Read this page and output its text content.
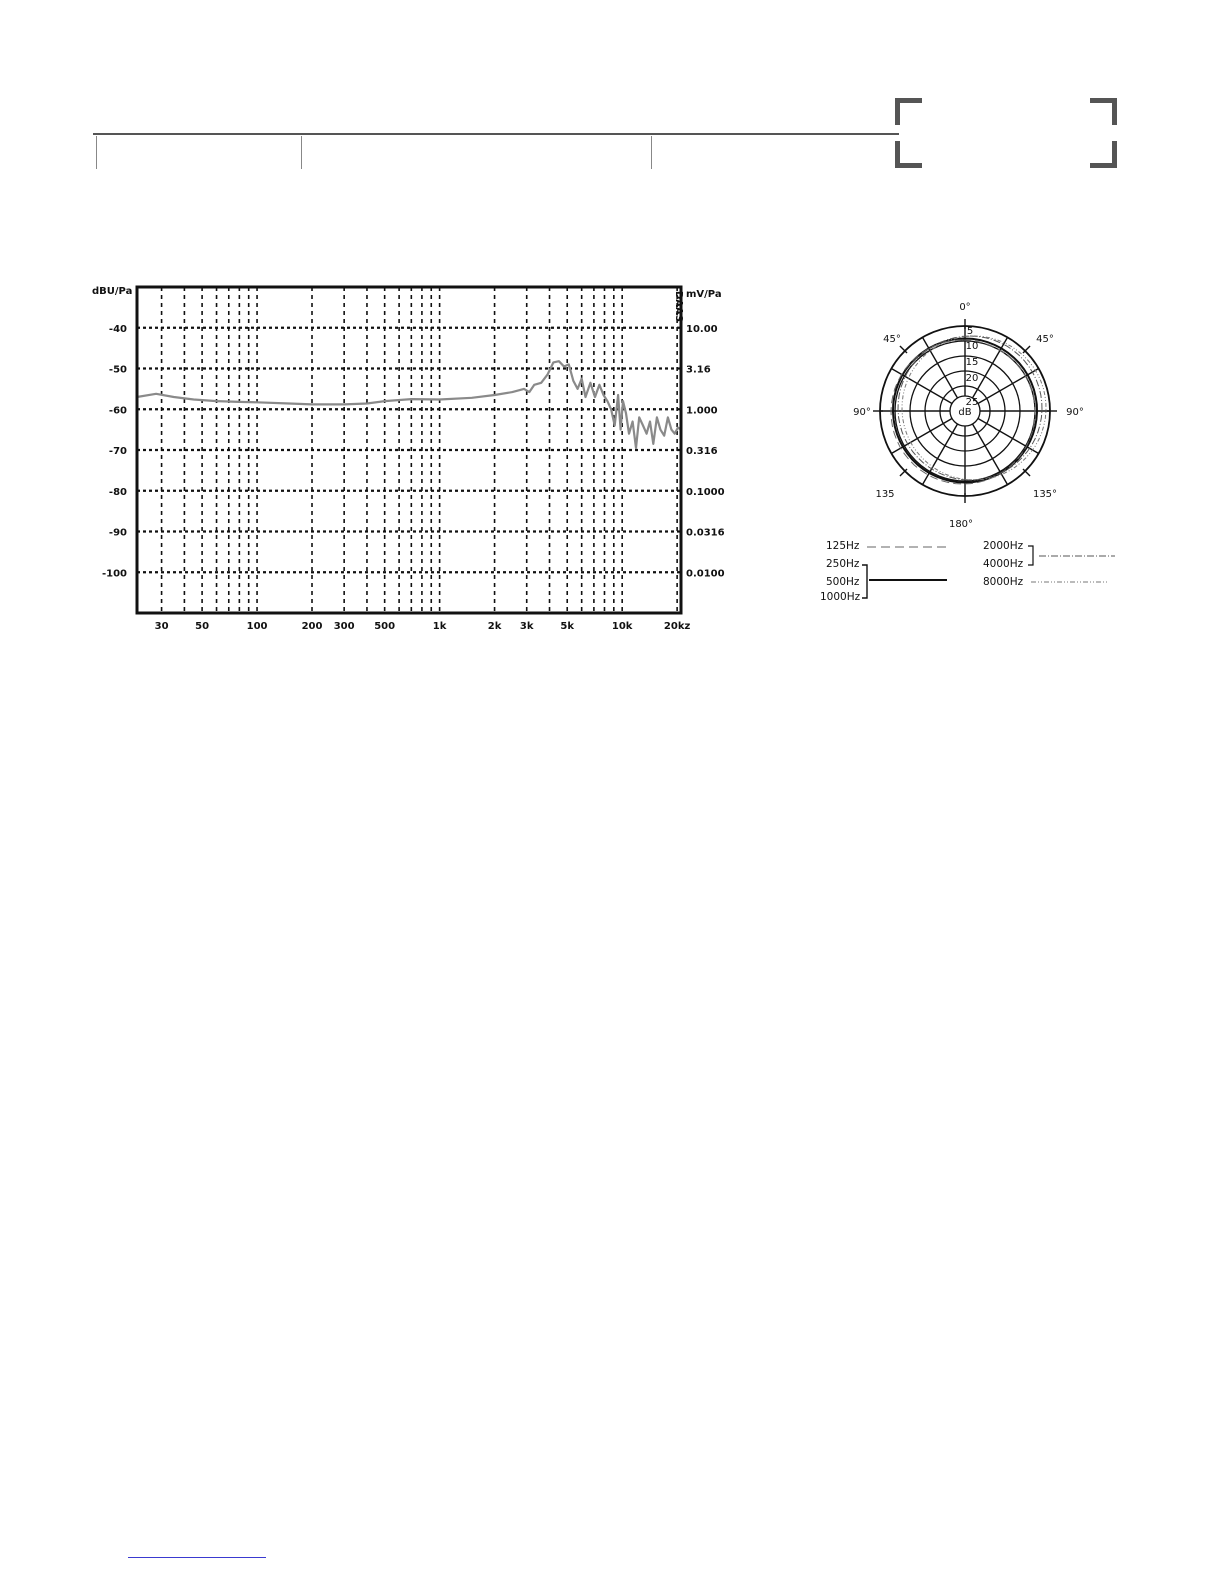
dBU/Pa	mV/Pa
DAAS
-40
-50
-60
-70
-80
-90
-100
10.00
3.16
1.000
0.316
0.1000
0.0316
0.0100
30	50	100	200 300 500	1k	2k 3k	5k	10k	20kz
0°
45°	45°
90°	90°
135	135°
180°
5
10
15
20
25
dB
125Hz
250Hz
500Hz
1000Hz
2000Hz
4000Hz
8000Hz
